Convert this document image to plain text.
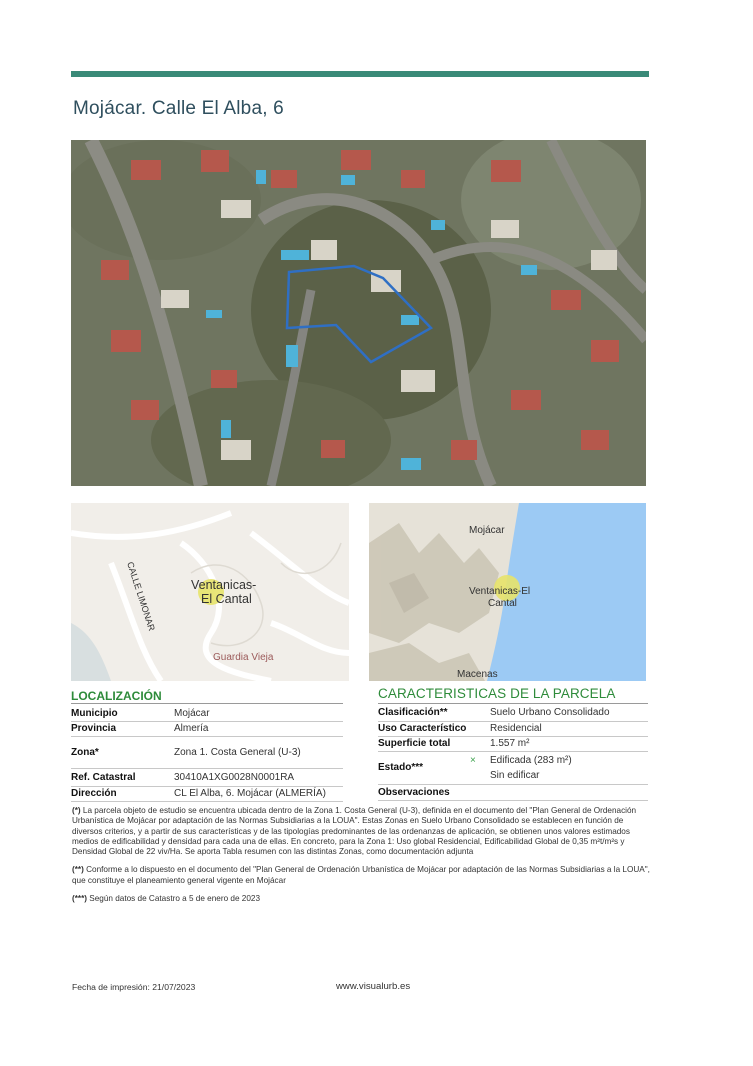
Mojácar. Calle El Alba, 6
Ventanicas-
El Cantal
CALLE LIMONAR
Guardia Vieja
Mojácar
Ventanicas-El
Cantal
Macenas
LOCALIZACIÓN
Municipio	Mojácar
Provincia	Almería
Zona*	Zona 1. Costa General (U-3)
Ref. Catastral	30410A1XG0028N0001RA
Dirección	CL El Alba, 6. Mojácar (ALMERÍA)
CARACTERISTICAS DE LA PARCELA
Clasificación**	Suelo Urbano Consolidado
Uso Característico	Residencial
Superficie total	1.557 m²
Estado***	× Edificada (283 m²)
Sin edificar

Observaciones	

(*) La parcela objeto de estudio se encuentra ubicada dentro de la Zona 1. Costa General (U-3), definida en el documento del "Plan General de Ordenación Urbanística de Mojácar por adaptación de las Normas Subsidiarias a la LOUA". Estas Zonas en Suelo Urbano Consolidado se establecen en función de diversos criterios, y a partir de sus características y de las tipologías predominantes de las ordenanzas de aplicación, se obtienen unos valores estimados medios de edificabilidad y densidad para cada una de ellas. En concreto, para la Zona 1: Uso global Residencial, Edificabilidad Global de 0,35 m²t/m²s y Densidad Global de 22 viv/Ha. Se aporta Tabla resumen con las distintas Zonas, como documentación adjunta

(**) Conforme a lo dispuesto en el documento del "Plan General de Ordenación Urbanística de Mojácar por adaptación de las Normas Subsidiarias a la LOUA", que constituye el planeamiento general vigente en Mojácar

(***) Según datos de Catastro a 5 de enero de 2023

Fecha de impresión: 21/07/2023	www.visualurb.es
